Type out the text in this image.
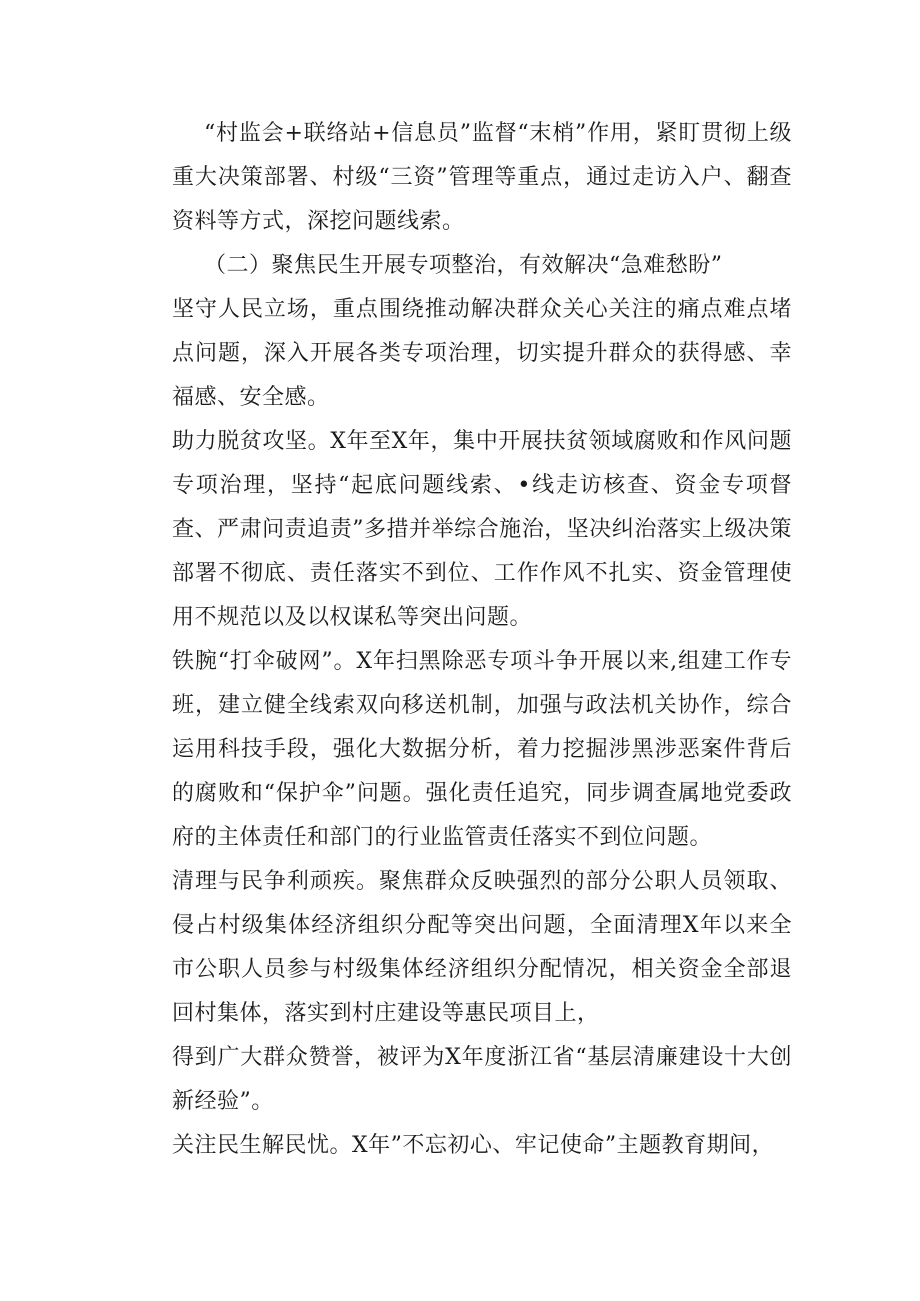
“村监会+联络站+信息员”监督“末梢”作用，紧盯贯彻上级重大决策部署、村级“三资”管理等重点，通过走访入户、翻查资料等方式，深挖问题线索。

（二）聚焦民生开展专项整治，有效解决“急难愁盼”

坚守人民立场，重点围绕推动解决群众关心关注的痛点难点堵点问题，深入开展各类专项治理，切实提升群众的获得感、幸福感、安全感。

助力脱贫攻坚。X年至X年，集中开展扶贫领域腐败和作风问题专项治理，坚持“起底问题线索、•线走访核查、资金专项督查、严肃问责追责”多措并举综合施治，坚决纠治落实上级决策部署不彻底、责任落实不到位、工作作风不扎实、资金管理使用不规范以及以权谋私等突出问题。

铁腕“打伞破网”。X年扫黑除恶专项斗争开展以来,组建工作专班，建立健全线索双向移送机制，加强与政法机关协作，综合运用科技手段，强化大数据分析，着力挖掘涉黑涉恶案件背后的腐败和“保护伞”问题。强化责任追究，同步调查属地党委政府的主体责任和部门的行业监管责任落实不到位问题。

清理与民争利顽疾。聚焦群众反映强烈的部分公职人员领取、侵占村级集体经济组织分配等突出问题，全面清理X年以来全市公职人员参与村级集体经济组织分配情况，相关资金全部退回村集体，落实到村庄建设等惠民项目上，

得到广大群众赞誉，被评为X年度浙江省“基层清廉建设十大创新经验”。

关注民生解民忧。X年”不忘初心、牢记使命”主题教育期间，
